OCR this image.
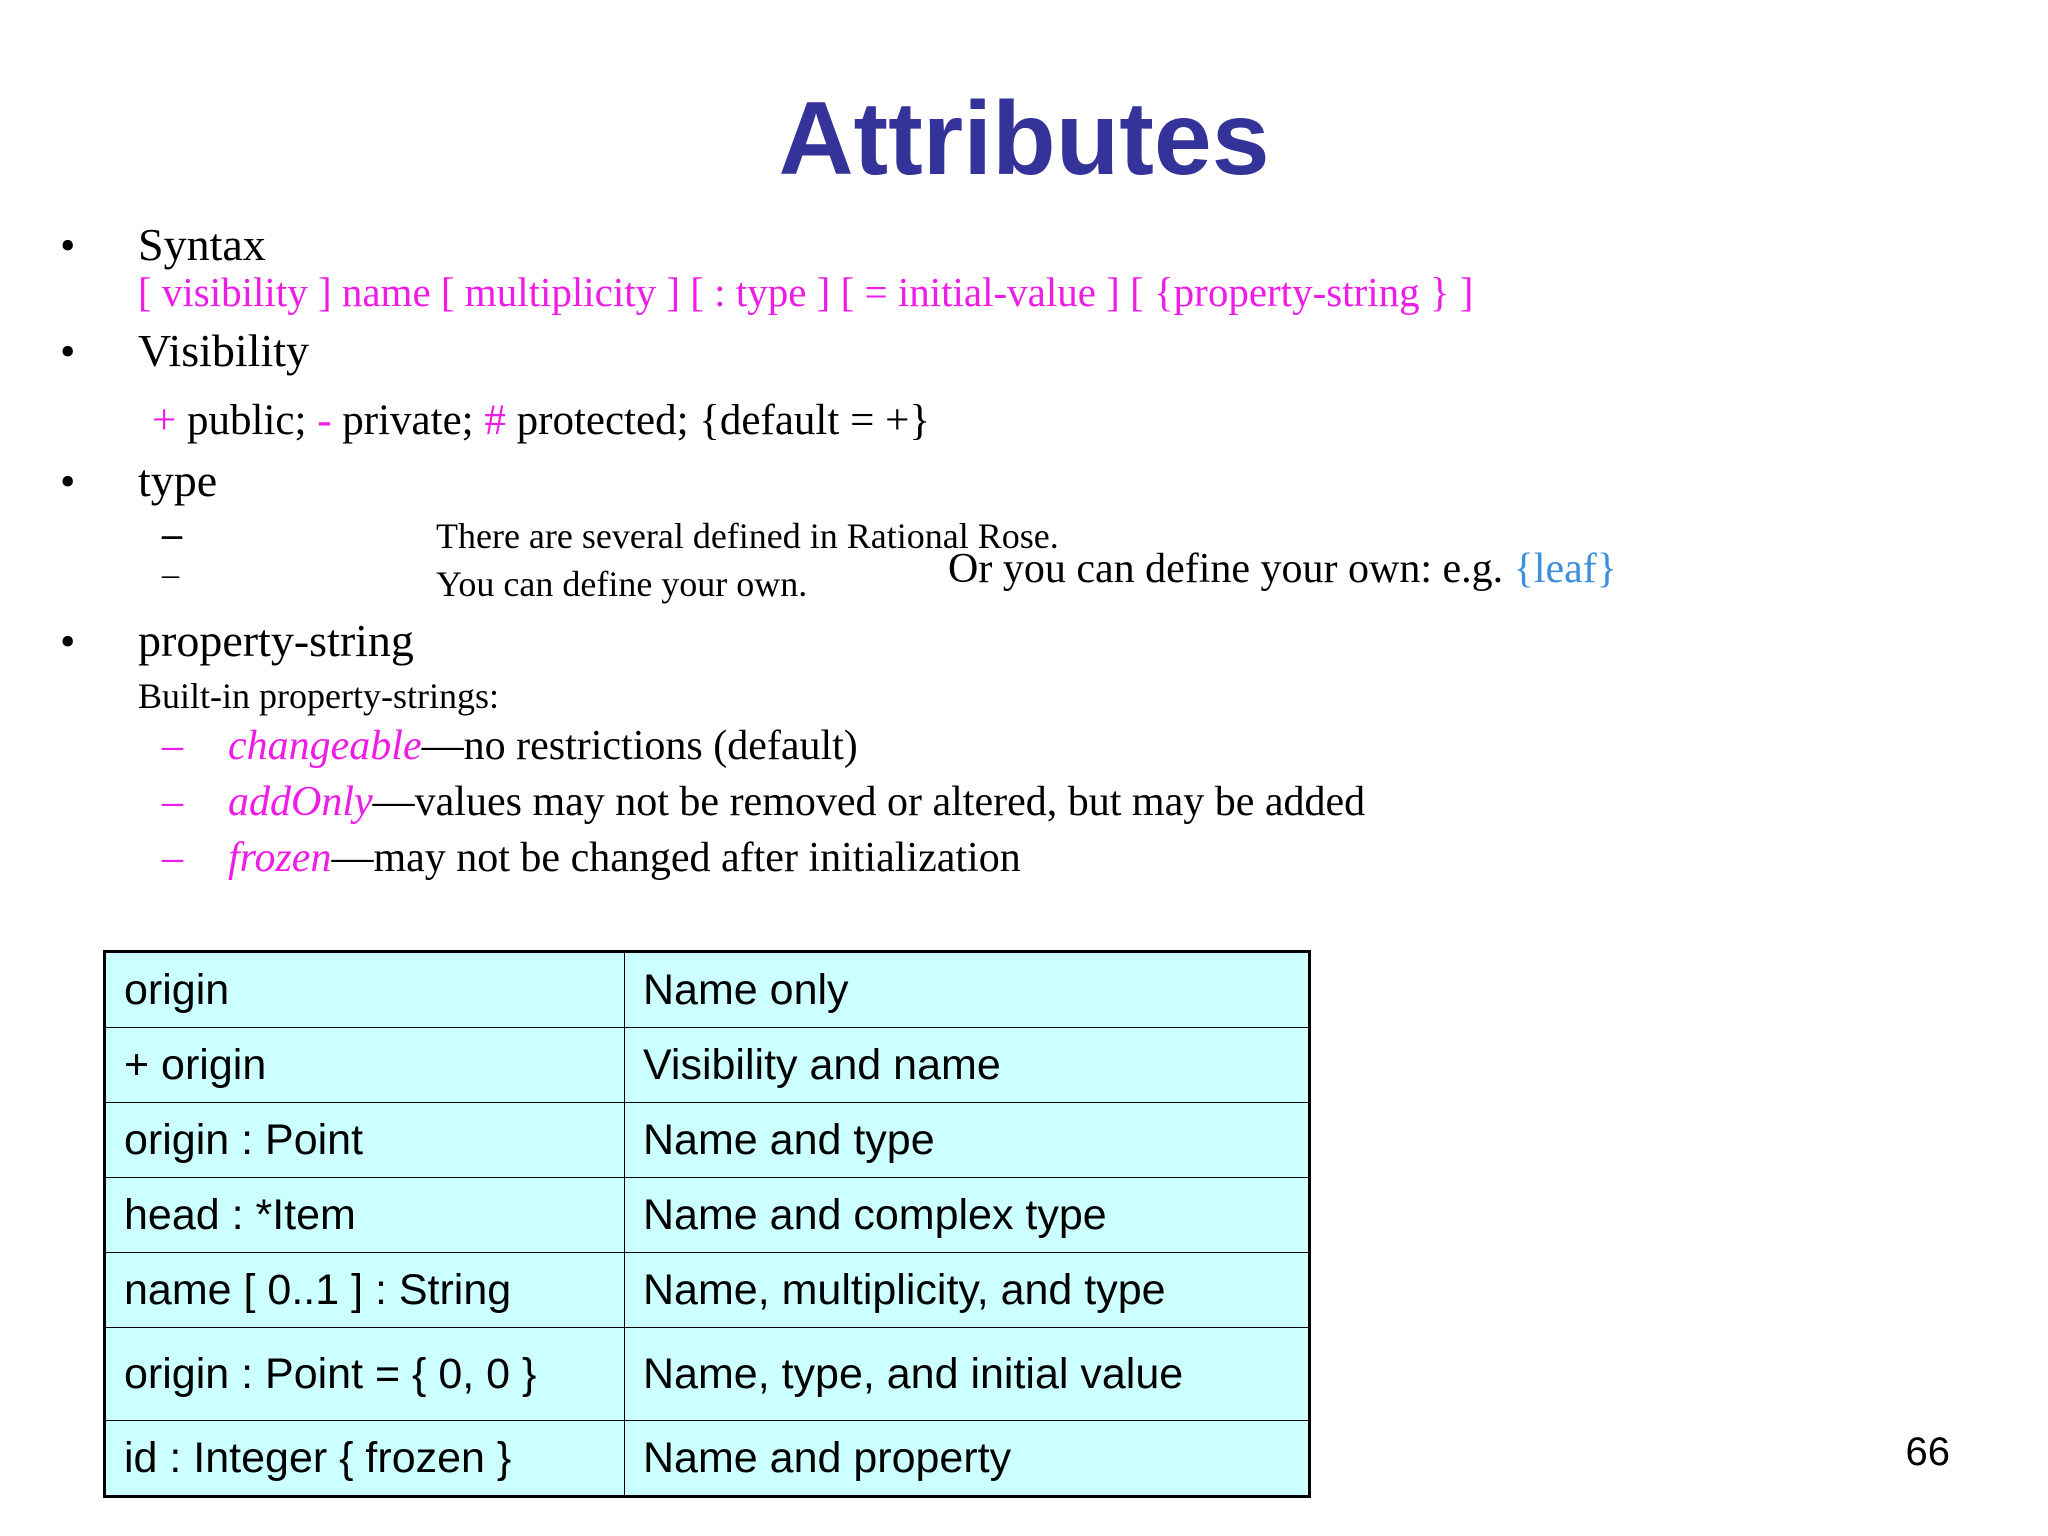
Attributes
• Syntax
[ visibility ] name [ multiplicity ] [ : type ] [ = initial-value ] [ {property-string } ]
• Visibility
+ public; - private; # protected; {default = +}
• type
–	There are several defined in Rational Rose.
–	You can define your own.	Or you can define your own: e.g. {leaf}
• property-string
Built-in property-strings:
– changeable—no restrictions (default)
– addOnly—values may not be removed or altered, but may be added
– frozen—may not be changed after initialization
origin	Name only
+ origin	Visibility and name
origin : Point	Name and type
head : *Item	Name and complex type
name [ 0..1 ] : String	Name, multiplicity, and type
origin : Point = { 0, 0 }	Name, type, and initial value
id : Integer { frozen }	Name and property	66
